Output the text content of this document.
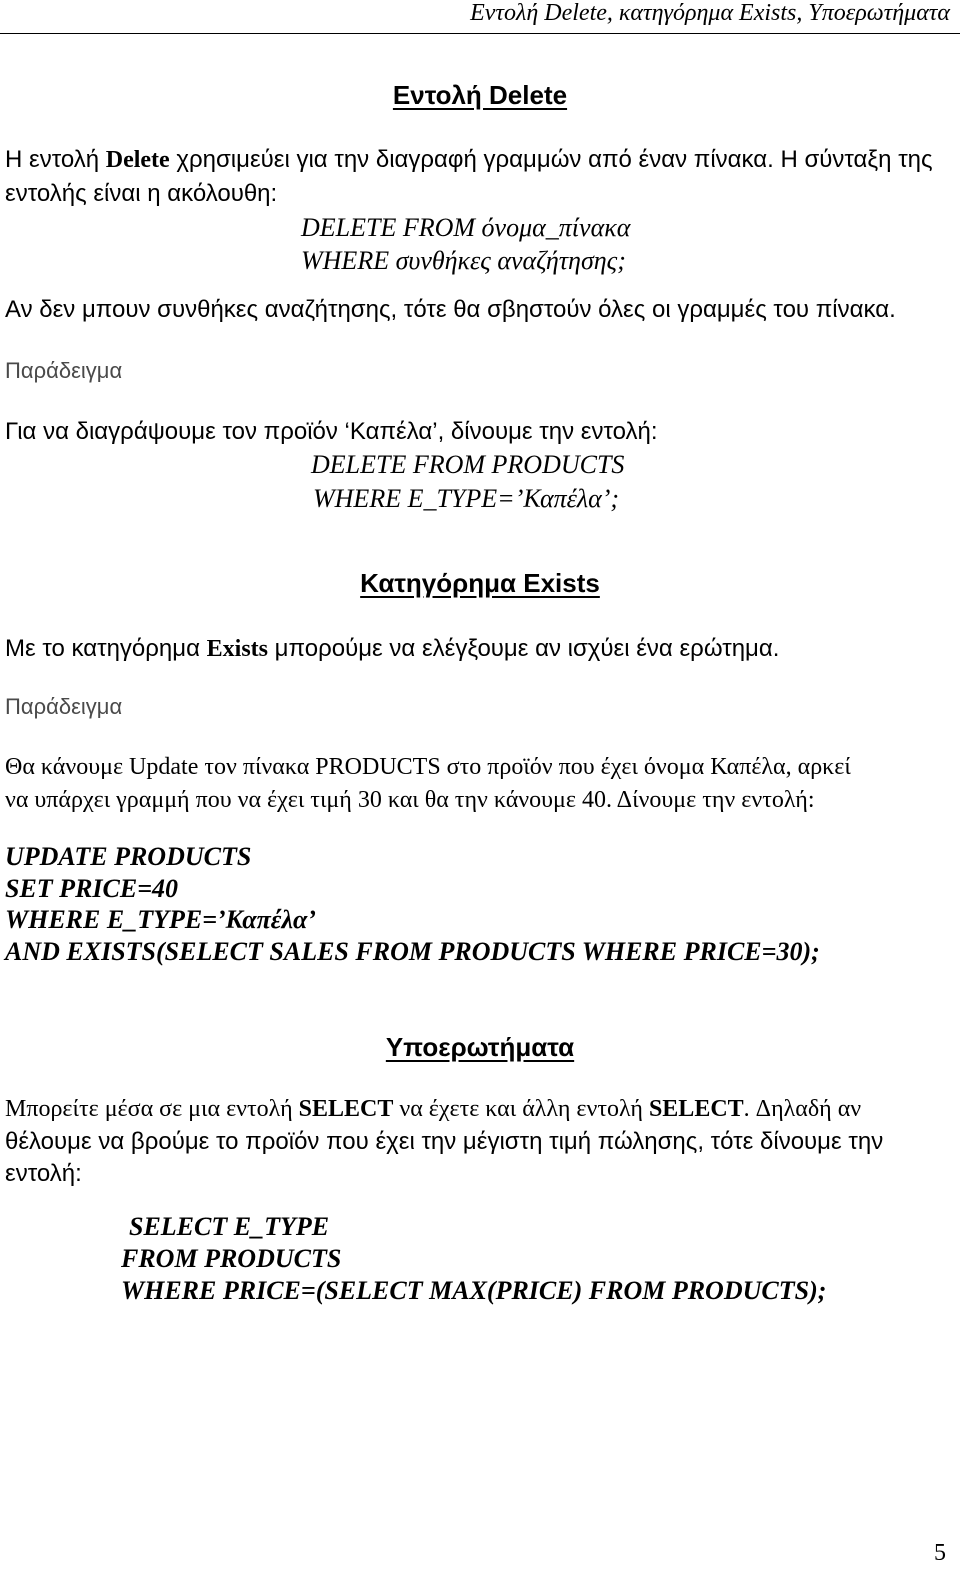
Εντολή Delete, κατηγόρημα Exists, Υποερωτήματα
Εντολή Delete
Η εντολή Delete χρησιμεύει για την διαγραφή γραμμών από έναν πίνακα. Η σύνταξη της
εντολής είναι η ακόλουθη:
DELETE FROM όνομα_πίνακα
WHERE συνθήκες αναζήτησης;
Αν δεν μπουν συνθήκες αναζήτησης, τότε θα σβηστούν όλες οι γραμμές του πίνακα.
Παράδειγμα
Για να διαγράψουμε τον προϊόν ‘Καπέλα’, δίνουμε την εντολή:
DELETE FROM PRODUCTS
WHERE E_TYPE=’Καπέλα’;
Κατηγόρημα Exists
Με το κατηγόρημα Exists μπορούμε να ελέγξουμε αν ισχύει ένα ερώτημα.
Παράδειγμα
Θα κάνουμε Update τον πίνακα PRODUCTS στο προϊόν που έχει όνομα Καπέλα, αρκεί
να υπάρχει γραμμή που να έχει τιμή 30 και θα την κάνουμε 40. Δίνουμε την εντολή:
UPDATE PRODUCTS
SET PRICE=40
WHERE E_TYPE=’Καπέλα’
AND EXISTS(SELECT SALES FROM PRODUCTS WHERE PRICE=30);
Υποερωτήματα
Μπορείτε μέσα σε μια εντολή SELECT να έχετε και άλλη εντολή SELECT. Δηλαδή αν
θέλουμε να βρούμε το προϊόν που έχει την μέγιστη τιμή πώλησης, τότε δίνουμε την
εντολή:
SELECT E_TYPE
FROM PRODUCTS
WHERE PRICE=(SELECT MAX(PRICE) FROM PRODUCTS);
5
